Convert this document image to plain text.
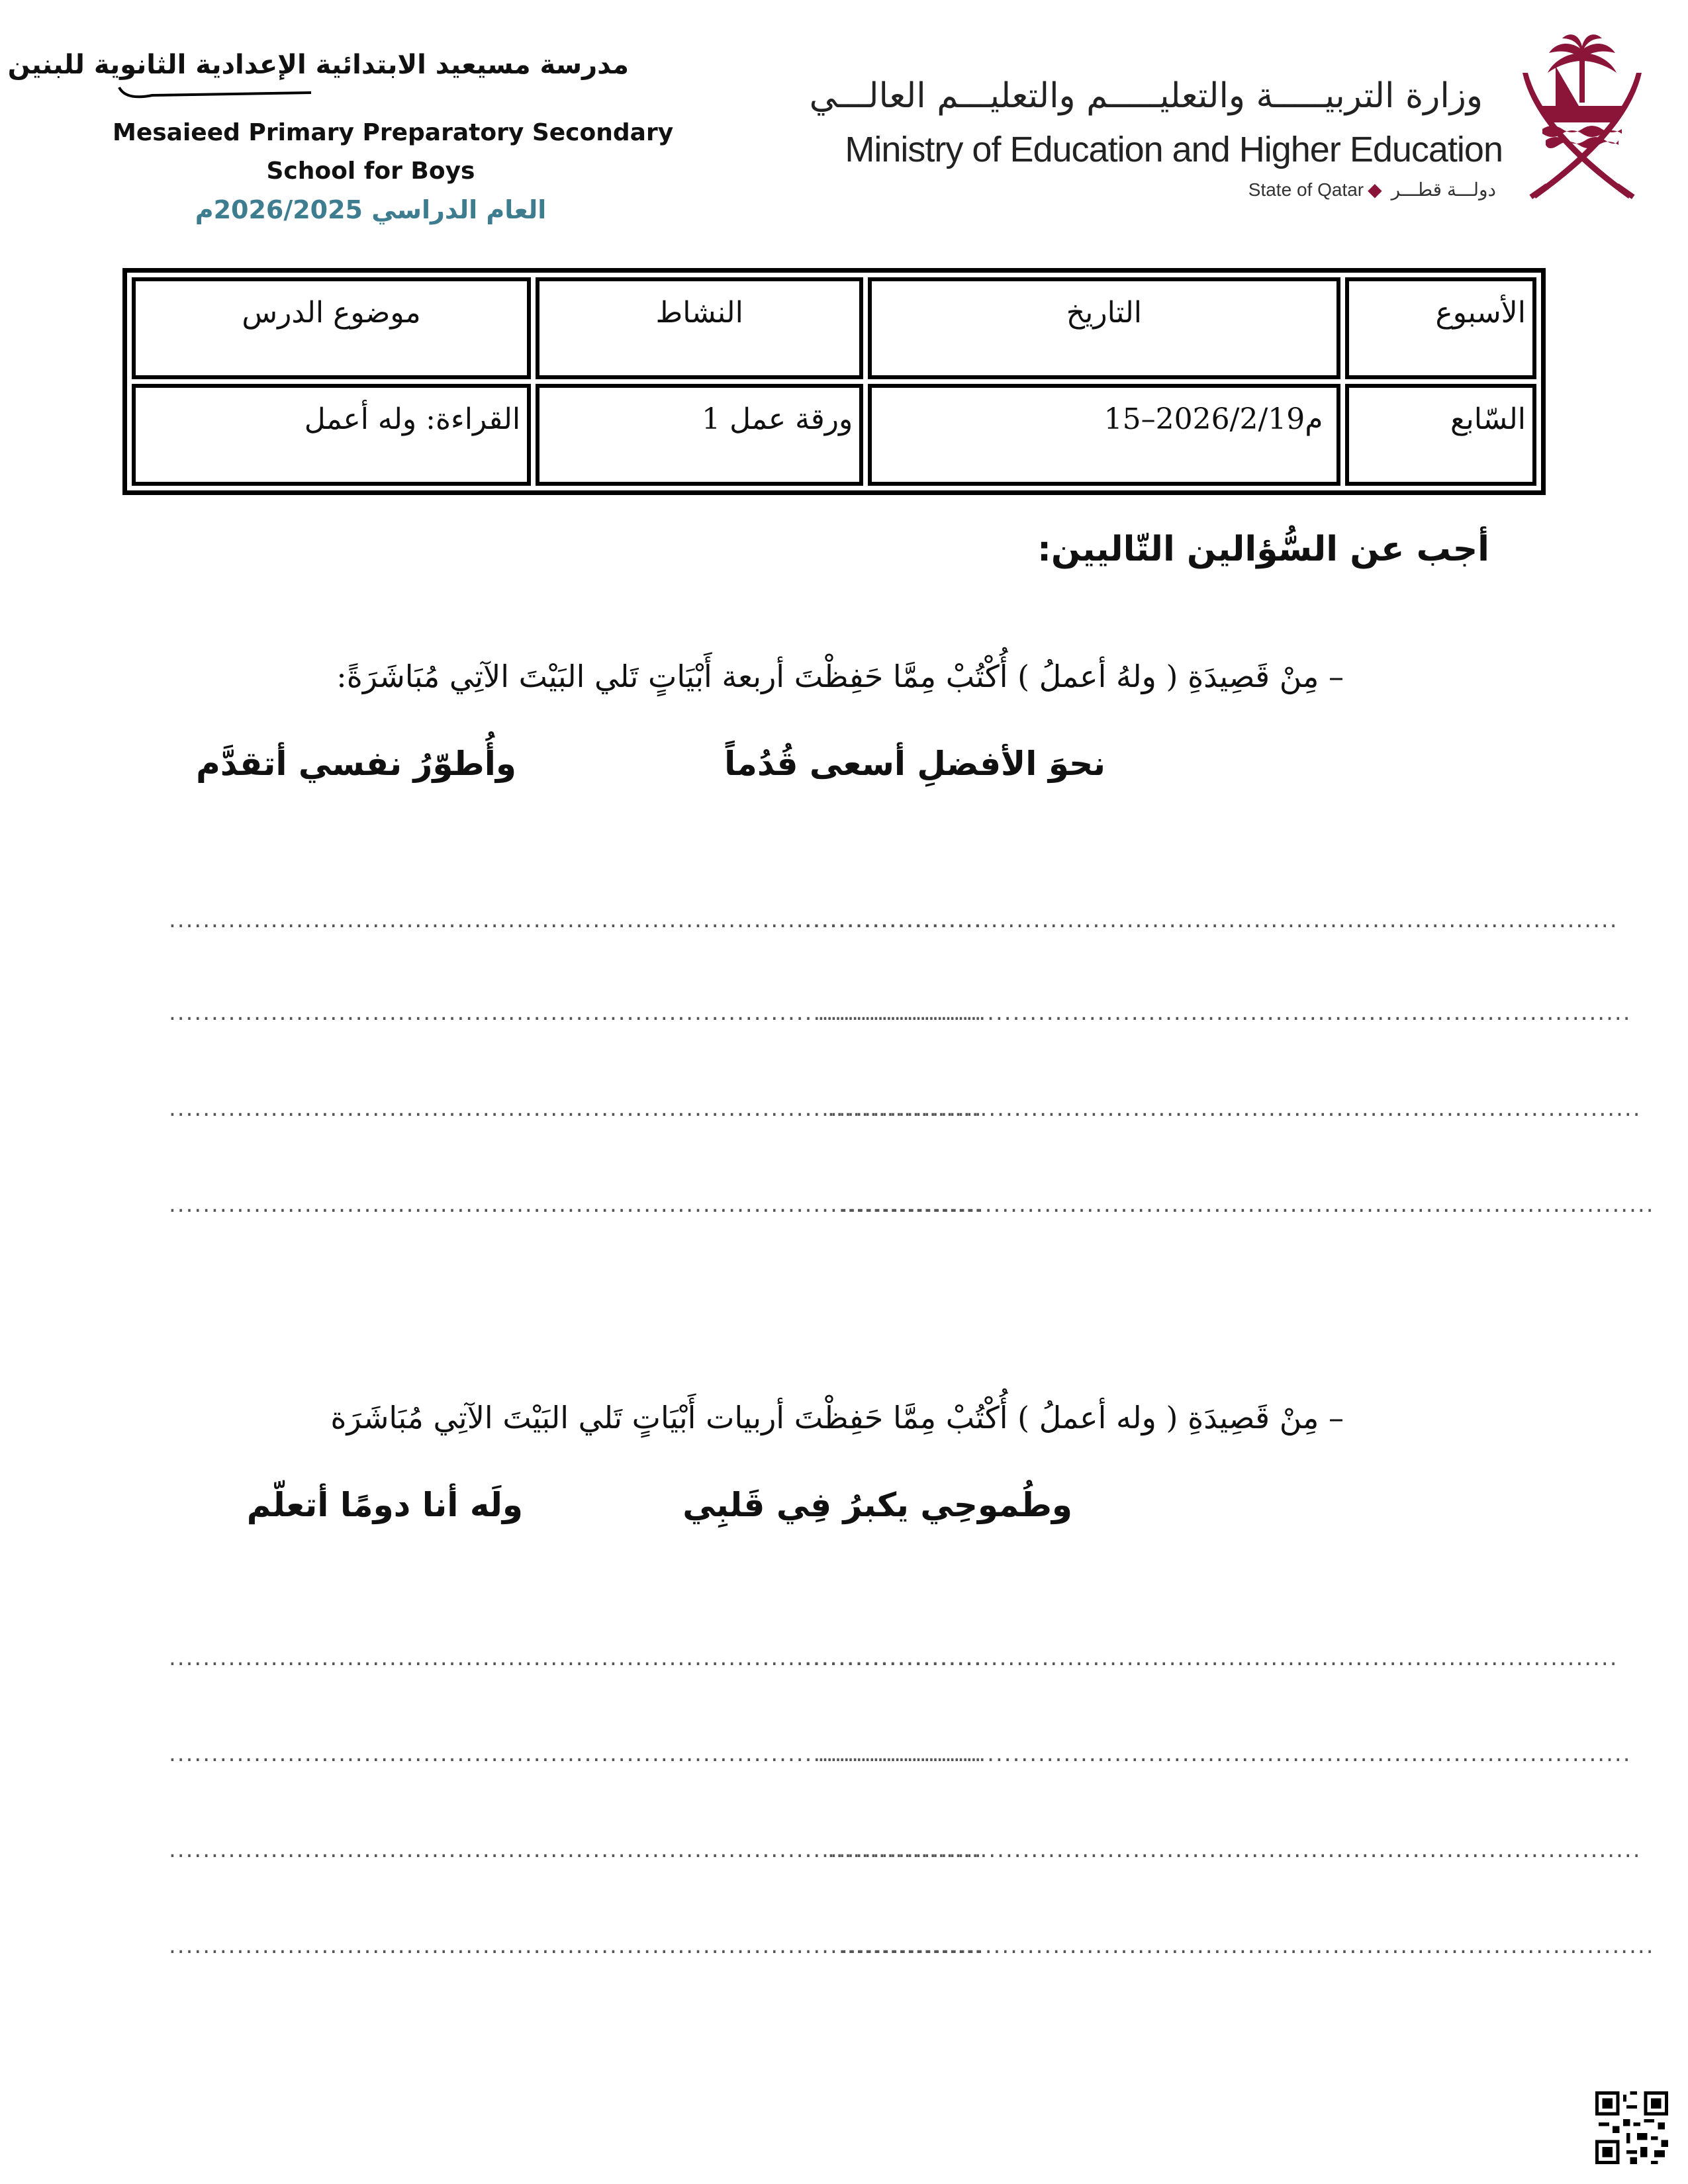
وزارة التربيـــــة والتعليـــــم والتعليـــم العالـــي
Ministry of Education and Higher Education
State of Qatar ◆ دولـــة قطـــر
مدرسة مسيعيد الابتدائية الإعدادية الثانوية للبنين
Mesaieed Primary Preparatory Secondary
School for Boys
العام الدراسي 2026/2025م
الأسبوع	التاريخ	النشاط	موضوع الدرس
السّابع	15–2026/2/19م	ورقة عمل 1	القراءة: وله أعمل
أجب عن السُّؤالين التّاليين:
– مِنْ قَصِيدَةِ ( ولهُ أعملُ ) أُكْتُبْ مِمَّا حَفِظْتَ أربعة أَبْيَاتٍ تَلي البَيْتَ الآتِي مُبَاشَرَةً:
نحوَ الأفضلِ أسعى قُدُماً
وأُطوّرُ نفسي أتقدَّم
................................................................................................
................................................................................................
................................................................................................
................................................................................................
................................................................................................
................................................................................................
................................................................................................
................................................................................................
– مِنْ قَصِيدَةِ ( وله أعملُ ) أُكْتُبْ مِمَّا حَفِظْتَ أربيات أَبْيَاتٍ تَلي البَيْتَ الآتِي مُبَاشَرَة
وطُموحِي يكبرُ فِي قَلبِي
ولَه أنا دومًا أتعلّم
................................................................................................
................................................................................................
................................................................................................
................................................................................................
................................................................................................
................................................................................................
................................................................................................
................................................................................................
